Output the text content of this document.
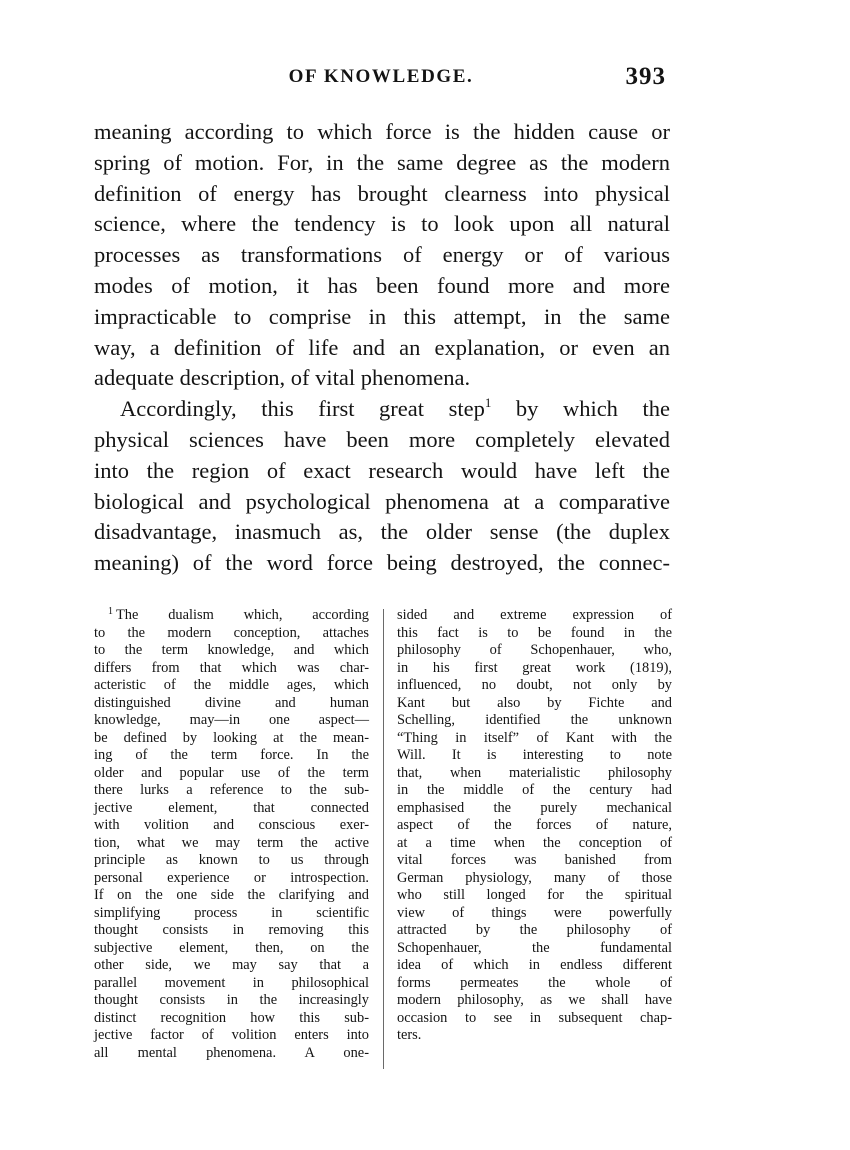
OF KNOWLEDGE.	393
meaning according to which force is the hidden cause or
spring of motion. For, in the same degree as the modern
definition of energy has brought clearness into physical
science, where the tendency is to look upon all natural
processes as transformations of energy or of various
modes of motion, it has been found more and more
impracticable to comprise in this attempt, in the same
way, a definition of life and an explanation, or even an
adequate description, of vital phenomena.
Accordingly, this first great step$^1$ by which the
physical sciences have been more completely elevated
into the region of exact research would have left the
biological and psychological phenomena at a comparative
disadvantage, inasmuch as, the older sense (the duplex
meaning) of the word force being destroyed, the connec-
$^1$ The dualism which, according
to the modern conception, attaches
to the term knowledge, and which
differs from that which was char-
acteristic of the middle ages, which
distinguished divine and human
knowledge, may—in one aspect—
be defined by looking at the mean-
ing of the term force. In the
older and popular use of the term
there lurks a reference to the sub-
jective element, that connected
with volition and conscious exer-
tion, what we may term the active
principle as known to us through
personal experience or introspection.
If on the one side the clarifying and
simplifying process in scientific
thought consists in removing this
subjective element, then, on the
other side, we may say that a
parallel movement in philosophical
thought consists in the increasingly
distinct recognition how this sub-
jective factor of volition enters into
all mental phenomena. A one-
sided and extreme expression of
this fact is to be found in the
philosophy of Schopenhauer, who,
in his first great work (1819),
influenced, no doubt, not only by
Kant but also by Fichte and
Schelling, identified the unknown
“Thing in itself” of Kant with the
Will. It is interesting to note
that, when materialistic philosophy
in the middle of the century had
emphasised the purely mechanical
aspect of the forces of nature,
at a time when the conception of
vital forces was banished from
German physiology, many of those
who still longed for the spiritual
view of things were powerfully
attracted by the philosophy of
Schopenhauer, the fundamental
idea of which in endless different
forms permeates the whole of
modern philosophy, as we shall have
occasion to see in subsequent chap-
ters.
